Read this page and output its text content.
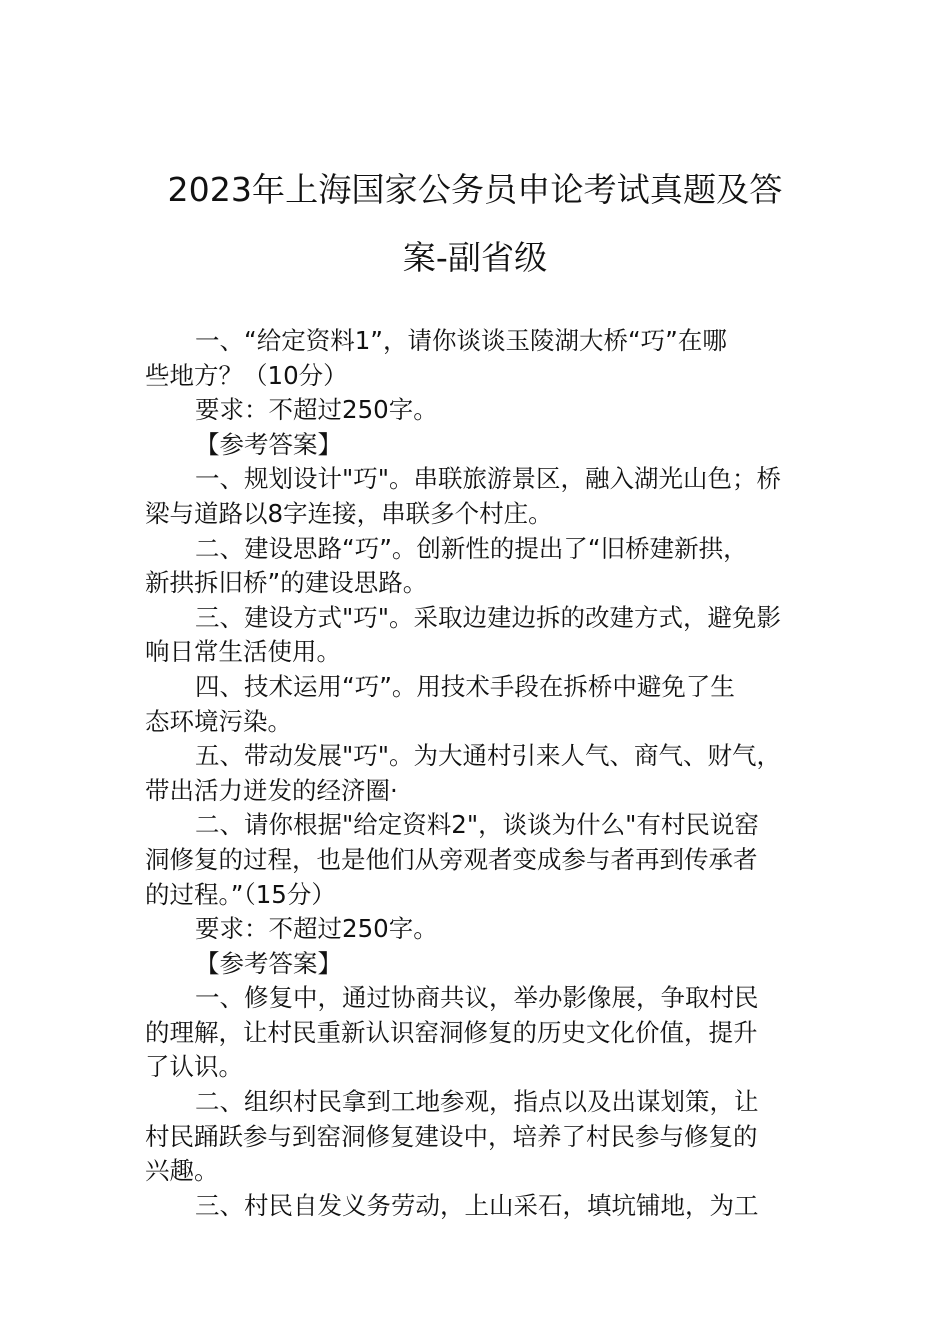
2023年上海国家公务员申论考试真题及答
案-副省级
一、“给定资料1”，请你谈谈玉陵湖大桥“巧”在哪
些地方？（10分）
要求：不超过250字。
【参考答案】
一、规划设计"巧"。串联旅游景区，融入湖光山色；桥
梁与道路以8字连接，串联多个村庄。
二、建设思路“巧”。创新性的提出了“旧桥建新拱，
新拱拆旧桥”的建设思路。
三、建设方式"巧"。采取边建边拆的改建方式，避免影
响日常生活使用。
四、技术运用“巧”。用技术手段在拆桥中避免了生
态环境污染。
五、带动发展"巧"。为大通村引来人气、商气、财气，
带出活力迸发的经济圈·
二、请你根据"给定资料2"，谈谈为什么"有村民说窑
洞修复的过程，也是他们从旁观者变成参与者再到传承者
的过程。”（15分）
要求：不超过250字。
【参考答案】
一、修复中，通过协商共议，举办影像展，争取村民
的理解，让村民重新认识窑洞修复的历史文化价值，提升
了认识。
二、组织村民拿到工地参观，指点以及出谋划策，让
村民踊跃参与到窑洞修复建设中，培养了村民参与修复的
兴趣。
三、村民自发义务劳动，上山采石，填坑铺地，为工
